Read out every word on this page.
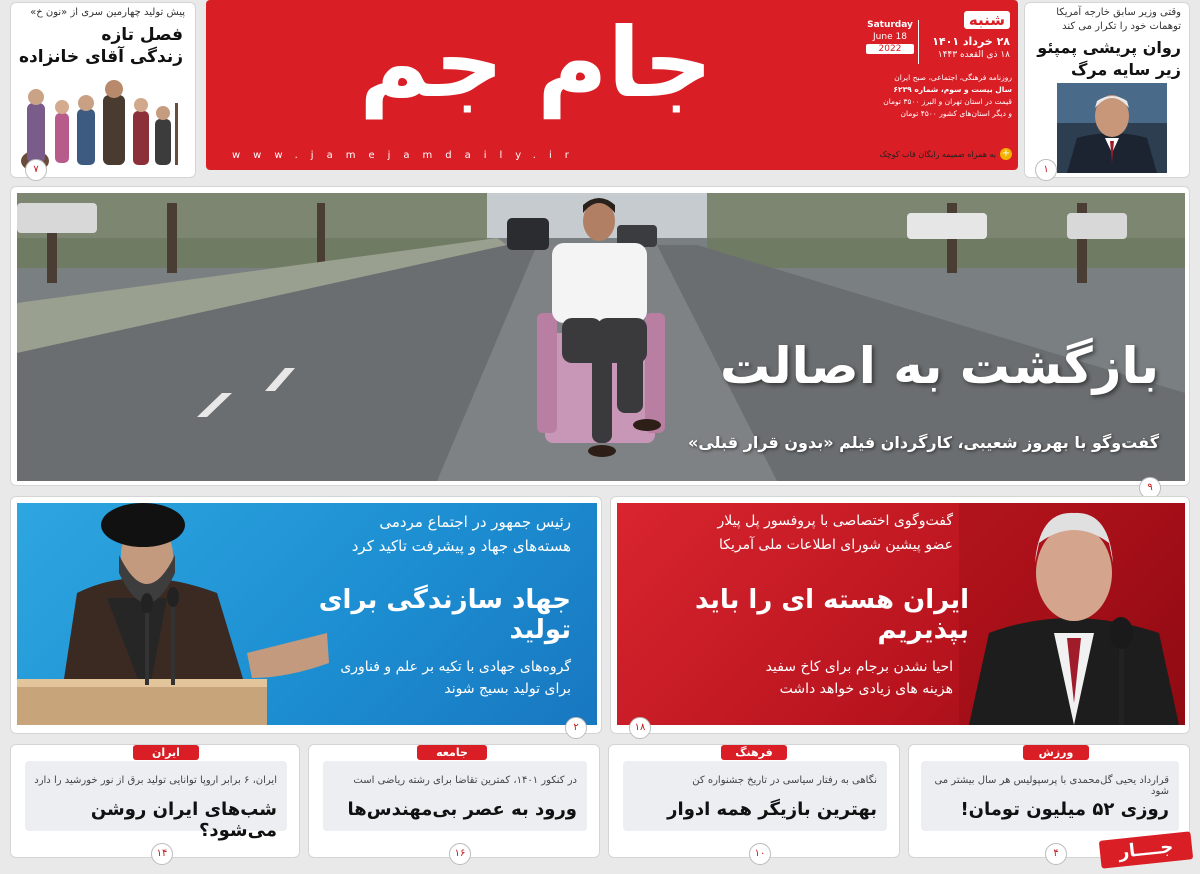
پیش تولید چهارمین سری از «نون خ»
فصل تازه
زندگی آقای خانزاده
۷
وقتی وزیر سابق خارجه آمریکا
توهمات خود را تکرار می کند
روان پریشی پمپئو
زیر سایه مرگ
۱
جام جم
www.jamejamdaily.ir
Saturday
June 18
2022
شنبه
۲۸ خرداد ۱۴۰۱
۱۸ ذی القعده ۱۴۴۳
روزنامه فرهنگی، اجتماعی، صبح ایران
سال بیست و سوم، شماره ۶۲۳۹
قیمت در استان تهران و البرز ۳۵۰۰ تومان
و دیگر استان‌های کشور ۴۵۰۰ تومان
+
به همراه ضمیمه رایگان قاب کوچک
بازگشت به اصالت
گفت‌وگو با بهروز شعیبی، کارگردان فیلم «بدون قرار قبلی»
۹
رئیس جمهور در اجتماع مردمی
هسته‌های جهاد و پیشرفت تاکید کرد
جهاد سازندگی برای تولید
گروه‌های جهادی با تکیه بر علم و فناوری
برای تولید بسیج شوند
۲
گفت‌وگوی اختصاصی با پروفسور پل پیلار
عضو پیشین شورای اطلاعات ملی آمریکا
ایران هسته ای را باید بپذیریم
احیا نشدن برجام برای کاخ سفید
هزینه های زیادی خواهد داشت
۱۸
ایران
ایران، ۶ برابر اروپا توانایی تولید برق از نور خورشید را دارد
شب‌های ایران روشن می‌شود؟
۱۴
جامعه
در کنکور ۱۴۰۱، کمترین تقاضا برای رشته ریاضی است
ورود به عصر بی‌مهندس‌ها
۱۶
فرهنگ
نگاهی به رفتار سیاسی در تاریخ جشنواره کن
بهترین بازیگر همه ادوار
۱۰
ورزش
قرارداد یحیی گل‌محمدی با پرسپولیس هر سال بیشتر می شود
روزی ۵۲ میلیون تومان!
۴	جــــار
